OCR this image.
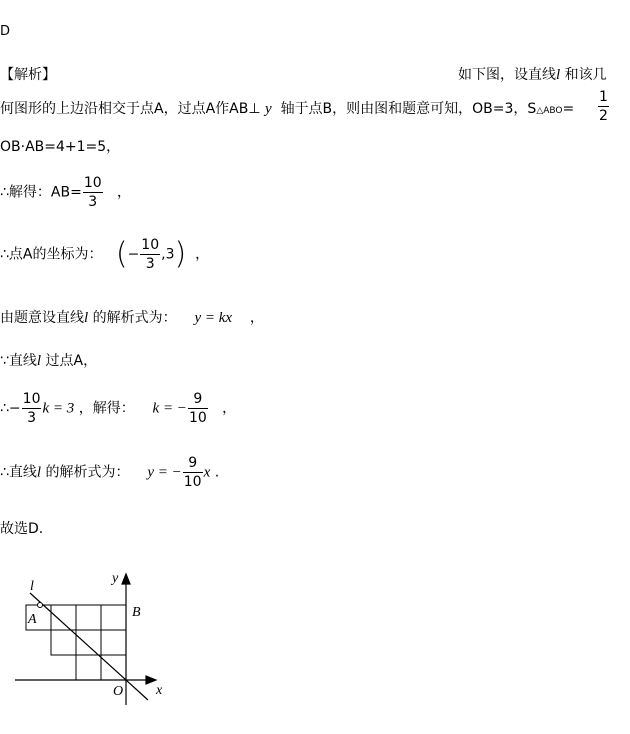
D
【解析】	如下图，设直线l 和该几
何图形的上边沿相交于点A，过点A作AB⊥ y 轴于点B，则由图和题意可知，OB=3，S△ABO= $\frac{1}{2}$
OB·AB=4+1=5，
∴解得：$AB= \frac{10}{3}$ ，
∴点A的坐标为： (− $\frac{10}{3} ,3$) ，
由题意设直线l 的解析式为： y = kx ，
∵直线l 过点A，
∴− $\frac{10}{3}$ k = 3 ，解得： k = − $\frac{9}{10}$ ，
∴直线l 的解析式为： y = − $\frac{9}{10}$ x .
故选D.
l
y
A	B
O x
